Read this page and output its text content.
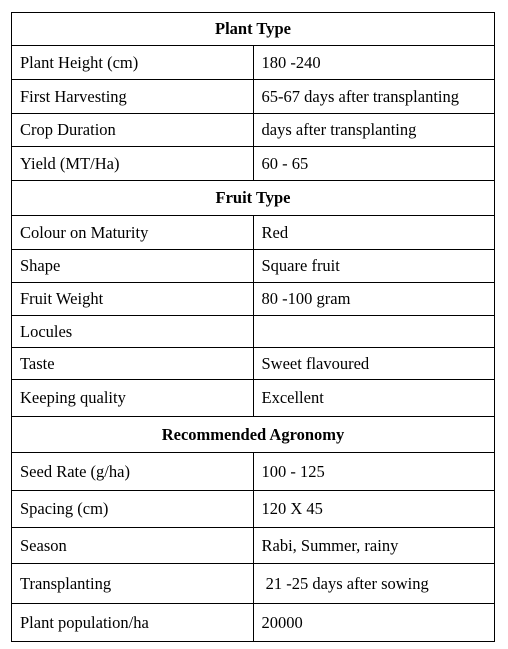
Plant Type	
Plant Height (cm)	180 -240
First Harvesting	65-67 days after transplanting
Crop Duration	days after transplanting
Yield (MT/Ha)	60 - 65
Fruit Type	
Colour on Maturity	Red
Shape	Square fruit
Fruit Weight	80 -100 gram
Locules	
Taste	Sweet flavoured
Keeping quality	Excellent
Recommended Agronomy	
Seed Rate (g/ha)	100 - 125
Spacing (cm)	120 X 45
Season	Rabi, Summer, rainy
Transplanting	21 -25 days after sowing
Plant population/ha	20000
